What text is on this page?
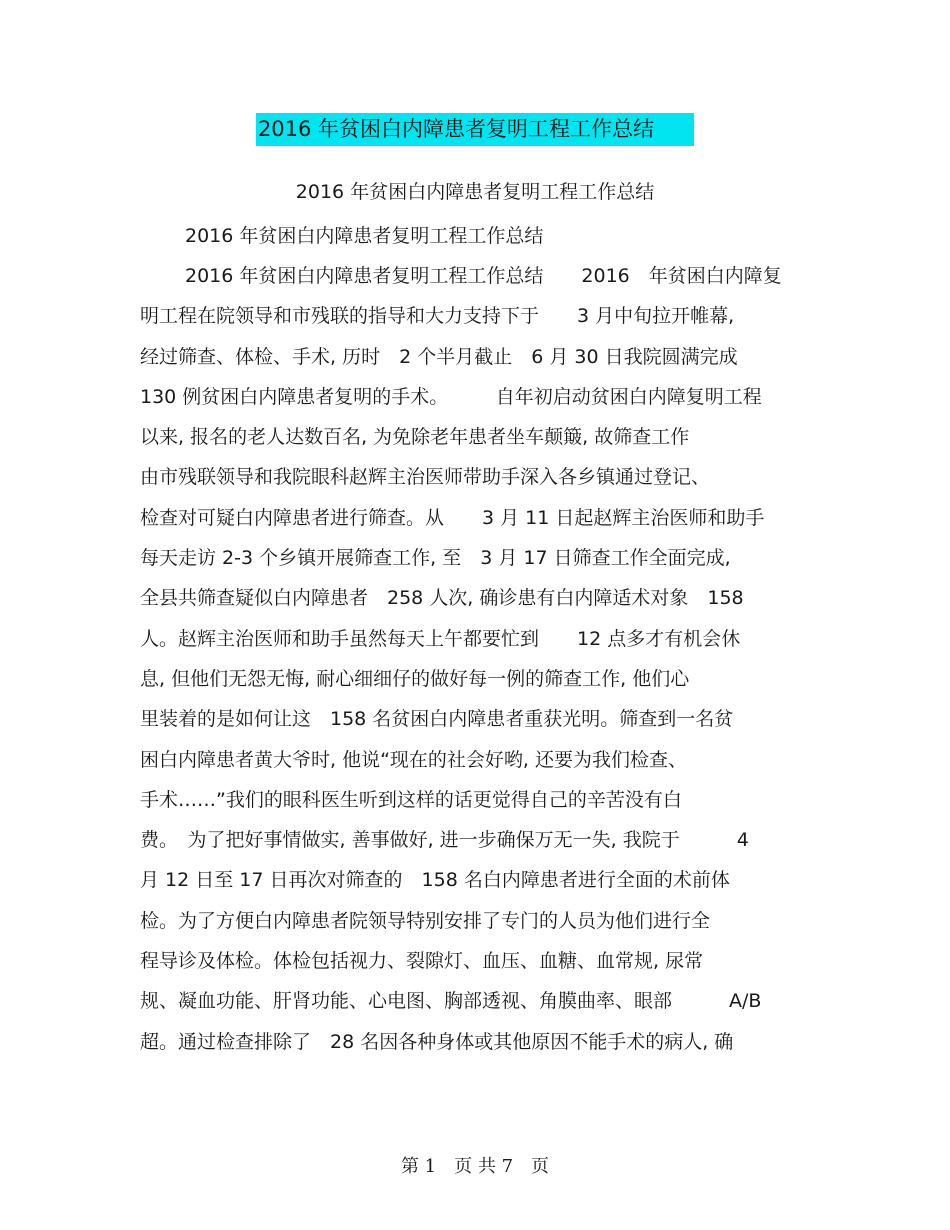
2016 年贫困白内障患者复明工程工作总结
2016 年贫困白内障患者复明工程工作总结
2016 年贫困白内障患者复明工程工作总结
2016 年贫困白内障患者复明工程工作总结　　2016　年贫困白内障复
明工程在院领导和市残联的指导和大力支持下于　　3 月中旬拉开帷幕,
经过筛查、体检、手术, 历时　2 个半月截止　6 月 30 日我院圆满完成
130 例贫困白内障患者复明的手术。　　　自年初启动贫困白内障复明工程
以来, 报名的老人达数百名, 为免除老年患者坐车颠簸, 故筛查工作
由市残联领导和我院眼科赵辉主治医师带助手深入各乡镇通过登记、
检查对可疑白内障患者进行筛查。从　　3 月 11 日起赵辉主治医师和助手
每天走访 2-3 个乡镇开展筛查工作, 至　3 月 17 日筛查工作全面完成,
全县共筛查疑似白内障患者　258 人次, 确诊患有白内障适术对象　158
人。赵辉主治医师和助手虽然每天上午都要忙到　　12 点多才有机会休
息, 但他们无怨无悔, 耐心细细仔的做好每一例的筛查工作, 他们心
里装着的是如何让这　158 名贫困白内障患者重获光明。筛查到一名贫
困白内障患者黄大爷时, 他说“现在的社会好哟, 还要为我们检查、
手术……”我们的眼科医生听到这样的话更觉得自己的辛苦没有白
费。　为了把好事情做实, 善事做好, 进一步确保万无一失, 我院于　　　4
月 12 日至 17 日再次对筛查的　158 名白内障患者进行全面的术前体
检。为了方便白内障患者院领导特别安排了专门的人员为他们进行全
程导诊及体检。体检包括视力、裂隙灯、血压、血糖、血常规, 尿常
规、凝血功能、肝肾功能、心电图、胸部透视、角膜曲率、眼部　　　A/B
超。通过检查排除了　28 名因各种身体或其他原因不能手术的病人, 确
第 1　页 共 7　页
